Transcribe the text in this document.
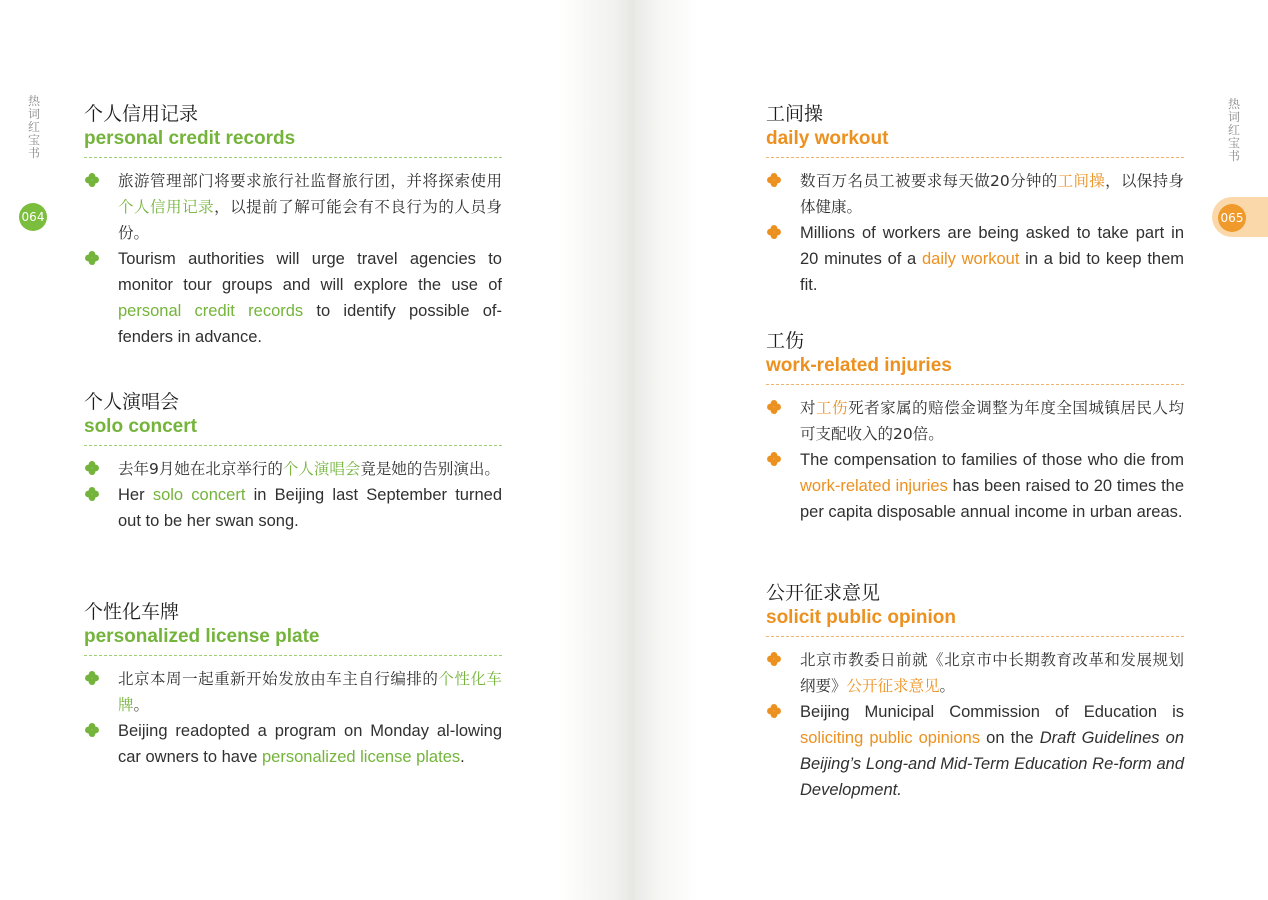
热词红宝书
064
个人信用记录
personal credit records
旅游管理部门将要求旅行社监督旅行团，并将探索使用个人信用记录，以提前了解可能会有不良行为的人员身份。
Tourism authorities will urge travel agencies to monitor tour groups and will explore the use of personal credit records to identify possible of-fenders in advance.
个人演唱会
solo concert
去年9月她在北京举行的个人演唱会竟是她的告别演出。
Her solo concert in Beijing last September turned out to be her swan song.
个性化车牌
personalized license plate
北京本周一起重新开始发放由车主自行编排的个性化车牌。
Beijing readopted a program on Monday al-lowing car owners to have personalized license plates.
热词红宝书
065
工间操
daily workout
数百万名员工被要求每天做20分钟的工间操，以保持身体健康。
Millions of workers are being asked to take part in 20 minutes of a daily workout in a bid to keep them fit.
工伤
work-related injuries
对工伤死者家属的赔偿金调整为年度全国城镇居民人均可支配收入的20倍。
The compensation to families of those who die from work-related injuries has been raised to 20 times the per capita disposable annual income in urban areas.
公开征求意见
solicit public opinion
北京市教委日前就《北京市中长期教育改革和发展规划纲要》公开征求意见。
Beijing Municipal Commission of Education is soliciting public opinions on the Draft Guidelines on Beijing’s Long-and Mid-Term Education Re-form and Development.
